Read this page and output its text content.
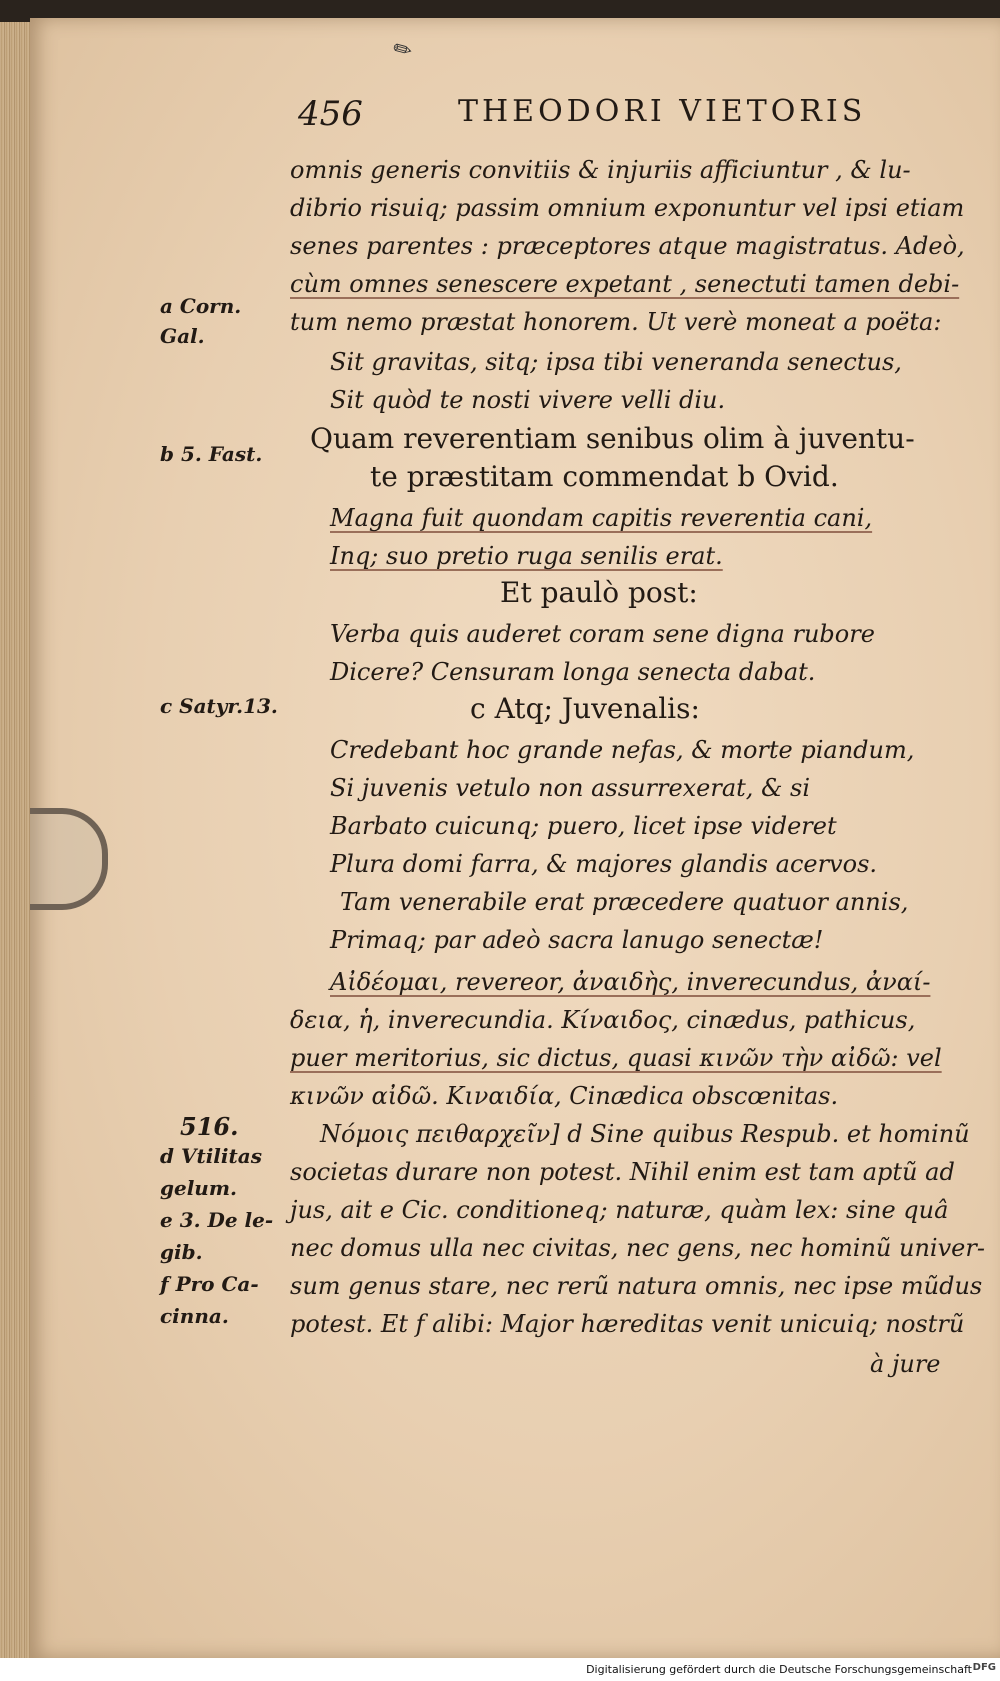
✎
456	THEODORI VIETORIS
a Corn.
Gal.
b 5. Fast.
c Satyr.13.
516.
d Vtilitas
gelum.
e 3. De le-
gib.
f Pro Ca-
cinna.
omnis generis convitiis & injuriis afficiuntur , & lu-
dibrio risuiq; passim omnium exponuntur vel ipsi etiam
senes parentes : præceptores atque magistratus. Adeò,
cùm omnes senescere expetant , senectuti tamen debi-
tum nemo præstat honorem. Ut verè moneat a poëta:
Sit gravitas, sitq; ipsa tibi veneranda senectus,
Sit quòd te nosti vivere velli diu.
Quam reverentiam senibus olim à juventu-
te præstitam commendat b Ovid.
Magna fuit quondam capitis reverentia cani,
Inq; suo pretio ruga senilis erat.
Et paulò post:
Verba quis auderet coram sene digna rubore
Dicere? Censuram longa senecta dabat.
c Atq; Juvenalis:
Credebant hoc grande nefas, & morte piandum,
Si juvenis vetulo non assurrexerat, & si
Barbato cuicunq; puero, licet ipse videret
Plura domi farra, & majores glandis acervos.
Tam venerabile erat præcedere quatuor annis,
Primaq; par adeò sacra lanugo senectæ!
Aἰδέομαι, revereor, ἀναιδὴς, inverecundus, ἀναί-
δεια, ἡ, inverecundia. Κίναιδος, cinædus, pathicus,
puer meritorius, sic dictus, quasi κινῶν τὴν αἰδῶ: vel
κινῶν αἰδῶ. Κιναιδία, Cinædica obscœnitas.
Νόμοις πειθαρχεῖν] d Sine quibus Respub. et hominũ
societas durare non potest. Nihil enim est tam aptũ ad
jus, ait e Cic. conditioneq; naturæ, quàm lex: sine quâ
nec domus ulla nec civitas, nec gens, nec hominũ univer-
sum genus stare, nec rerũ natura omnis, nec ipse mũdus
potest. Et f alibi: Major hæreditas venit unicuiq; nostrũ
à jure
Digitalisierung gefördert durch die Deutsche Forschungsgemeinschaft DFG
